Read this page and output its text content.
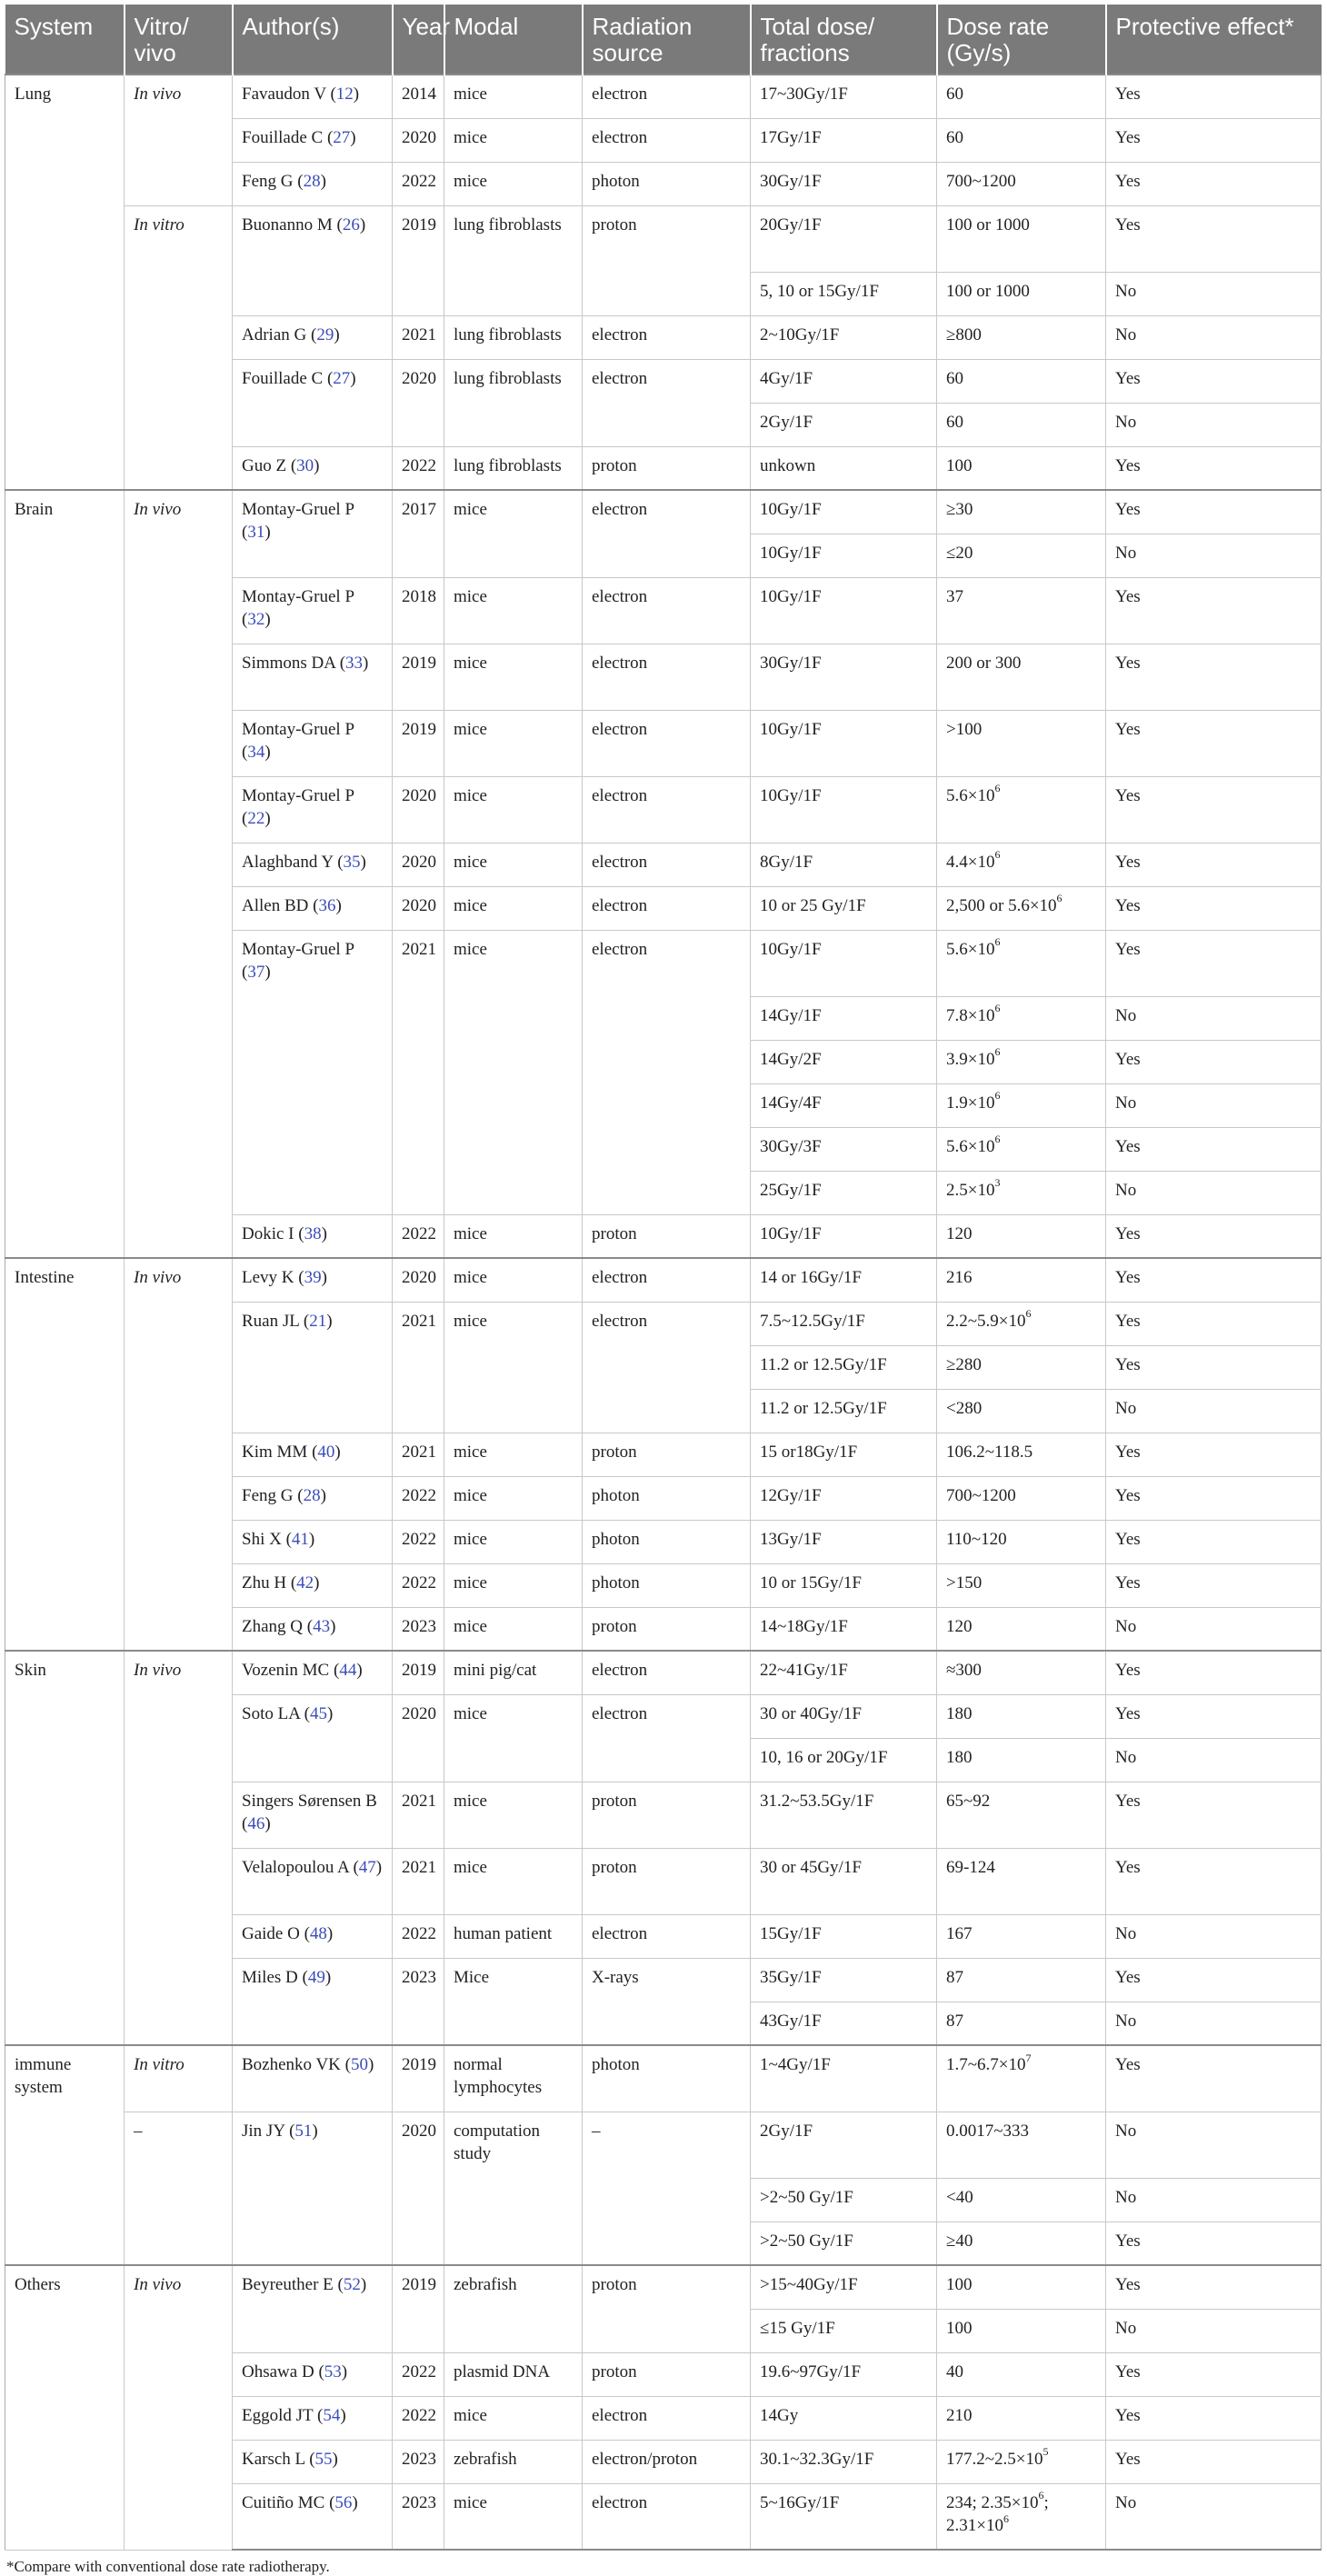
System	Vitro/ vivo	Author(s)	Year	Modal	Radiation source	Total dose/ fractions	Dose rate (Gy/s)	Protective effect*
Lung	In vivo	Favaudon V (12)	2014	mice	electron	17~30Gy/1F	60	Yes
		Fouillade C (27)	2020	mice	electron	17Gy/1F	60	Yes
		Feng G (28)	2022	mice	photon	30Gy/1F	700~1200	Yes
	In vitro	Buonanno M (26)	2019	lung fibroblasts	proton	20Gy/1F	100 or 1000	Yes
						5, 10 or 15Gy/1F	100 or 1000	No
		Adrian G (29)	2021	lung fibroblasts	electron	2~10Gy/1F	≥800	No
		Fouillade C (27)	2020	lung fibroblasts	electron	4Gy/1F	60	Yes
						2Gy/1F	60	No
		Guo Z (30)	2022	lung fibroblasts	proton	unkown	100	Yes
Brain	In vivo	Montay-Gruel P (31)	2017	mice	electron	10Gy/1F	≥30	Yes
						10Gy/1F	≤20	No
		Montay-Gruel P (32)	2018	mice	electron	10Gy/1F	37	Yes
		Simmons DA (33)	2019	mice	electron	30Gy/1F	200 or 300	Yes
		Montay-Gruel P (34)	2019	mice	electron	10Gy/1F	>100	Yes
		Montay-Gruel P (22)	2020	mice	electron	10Gy/1F	$5.6\times 10^6$	Yes
		Alaghband Y (35)	2020	mice	electron	8Gy/1F	$4.4\times 10^6$	Yes
		Allen BD (36)	2020	mice	electron	10 or 25 Gy/1F	2,500 or $5.6\times 10^6$	Yes
		Montay-Gruel P (37)	2021	mice	electron	10Gy/1F	$5.6\times 10^6$	Yes
						14Gy/1F	$7.8\times 10^6$	No
						14Gy/2F	$3.9\times 10^6$	Yes
						14Gy/4F	$1.9\times 10^6$	No
						30Gy/3F	$5.6\times 10^6$	Yes
						25Gy/1F	$2.5\times 10^3$	No
		Dokic I (38)	2022	mice	proton	10Gy/1F	120	Yes
Intestine	In vivo	Levy K (39)	2020	mice	electron	14 or 16Gy/1F	216	Yes
		Ruan JL (21)	2021	mice	electron	7.5~12.5Gy/1F	$2.2\sim 5.9\times 10^6$	Yes
						11.2 or 12.5Gy/1F	≥280	Yes
						11.2 or 12.5Gy/1F	<280	No
		Kim MM (40)	2021	mice	proton	15 or18Gy/1F	106.2~118.5	Yes
		Feng G (28)	2022	mice	photon	12Gy/1F	700~1200	Yes
		Shi X (41)	2022	mice	photon	13Gy/1F	110~120	Yes
		Zhu H (42)	2022	mice	photon	10 or 15Gy/1F	>150	Yes
		Zhang Q (43)	2023	mice	proton	14~18Gy/1F	120	No
Skin	In vivo	Vozenin MC (44)	2019	mini pig/cat	electron	22~41Gy/1F	≈300	Yes
		Soto LA (45)	2020	mice	electron	30 or 40Gy/1F	180	Yes
						10, 16 or 20Gy/1F	180	No
		Singers Sørensen B (46)	2021	mice	proton	31.2~53.5Gy/1F	65~92	Yes
		Velalopoulou A (47)	2021	mice	proton	30 or 45Gy/1F	69-124	Yes
		Gaide O (48)	2022	human patient	electron	15Gy/1F	167	No
		Miles D (49)	2023	Mice	X-rays	35Gy/1F	87	Yes
						43Gy/1F	87	No
immune system	In vitro	Bozhenko VK (50)	2019	normal lymphocytes	photon	1~4Gy/1F	$1.7\sim 6.7\times 10^7$	Yes
	–	Jin JY (51)	2020	computation study	–	2Gy/1F	0.0017~333	No
						>2~50 Gy/1F	<40	No
						>2~50 Gy/1F	≥40	Yes
Others	In vivo	Beyreuther E (52)	2019	zebrafish	proton	>15~40Gy/1F	100	Yes
						≤15 Gy/1F	100	No
		Ohsawa D (53)	2022	plasmid DNA	proton	19.6~97Gy/1F	40	Yes
		Eggold JT (54)	2022	mice	electron	14Gy	210	Yes
		Karsch L (55)	2023	zebrafish	electron/proton	30.1~32.3Gy/1F	$177.2\sim 2.5\times 10^5$	Yes
		Cuitiño MC (56)	2023	mice	electron	5~16Gy/1F	234; $2.35\times 10^6$; $2.31\times 10^6$	No
*Compare with conventional dose rate radiotherapy.
